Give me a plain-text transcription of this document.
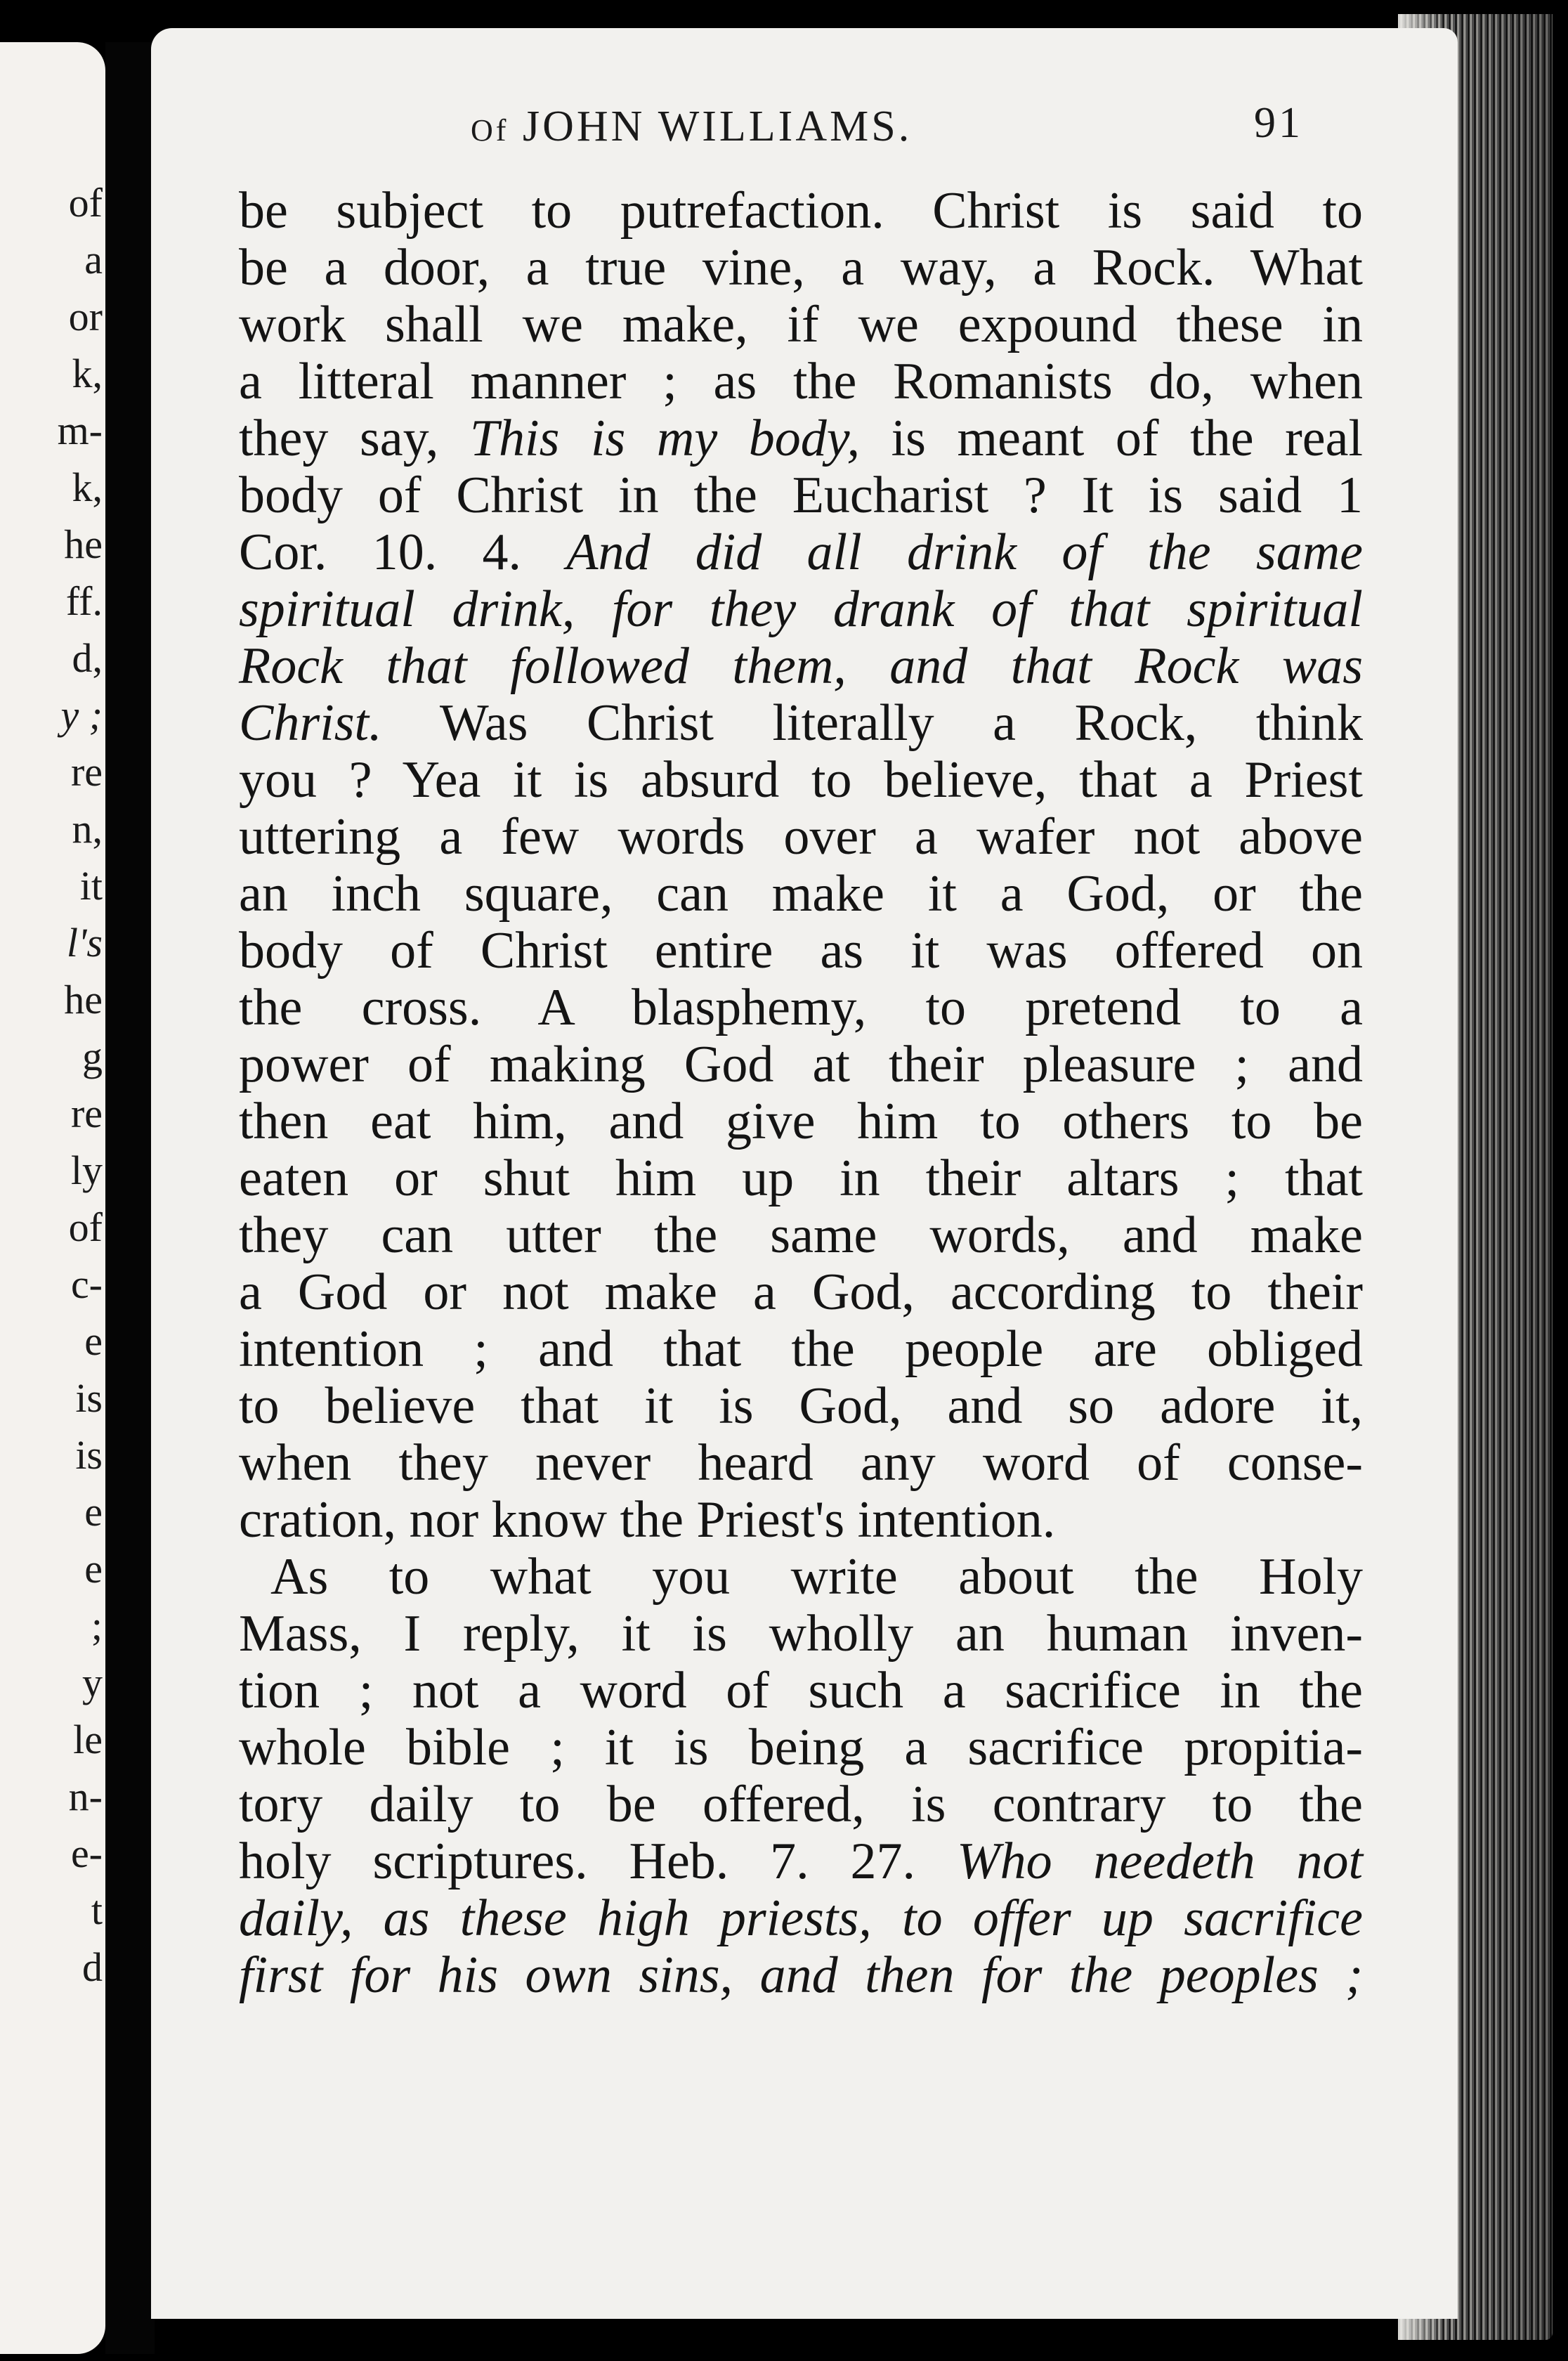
of
a
or
k,
m-
k,
he
ff.
d,
y ;
re
n,
it
l's
he
g
re
ly
of
c-
e
is
is
e
e
;
y
le
n-
e-
t
d
Of JOHN WILLIAMS.	91
be subject to putrefaction. Christ is said to
be a door, a true vine, a way, a Rock. What
work shall we make, if we expound these in
a litteral manner ; as the Romanists do, when
they say, This is my body, is meant of the real
body of Christ in the Eucharist ? It is said 1
Cor. 10. 4. And did all drink of the same
spiritual drink, for they drank of that spiritual
Rock that followed them, and that Rock was
Christ. Was Christ literally a Rock, think
you ? Yea it is absurd to believe, that a Priest
uttering a few words over a wafer not above
an inch square, can make it a God, or the
body of Christ entire as it was offered on
the cross. A blasphemy, to pretend to a
power of making God at their pleasure ; and
then eat him, and give him to others to be
eaten or shut him up in their altars ; that
they can utter the same words, and make
a God or not make a God, according to their
intention ; and that the people are obliged
to believe that it is God, and so adore it,
when they never heard any word of conse-
cration, nor know the Priest's intention.
As to what you write about the Holy
Mass, I reply, it is wholly an human inven-
tion ; not a word of such a sacrifice in the
whole bible ; it is being a sacrifice propitia-
tory daily to be offered, is contrary to the
holy scriptures. Heb. 7. 27. Who needeth not
daily, as these high priests, to offer up sacrifice
first for his own sins, and then for the peoples ;
